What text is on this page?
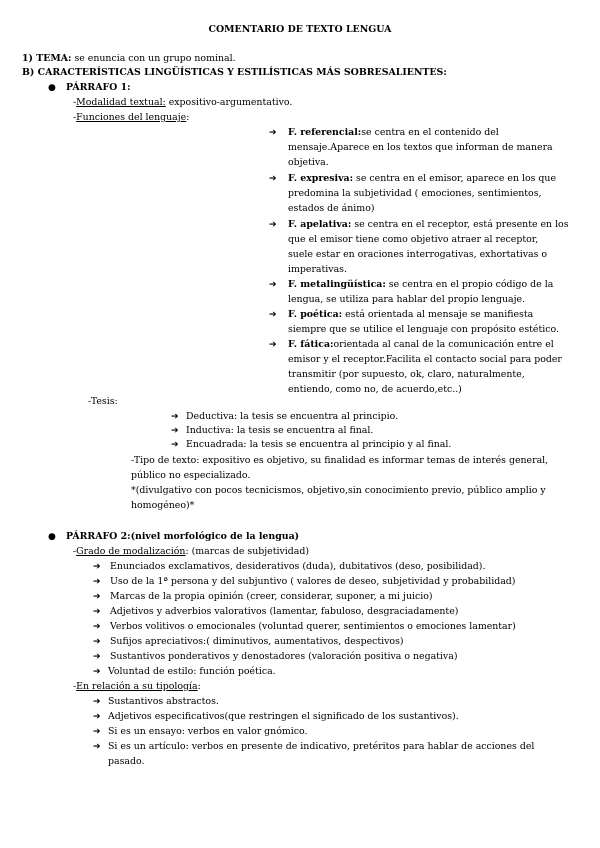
COMENTARIO DE TEXTO LENGUA
1) TEMA: se enuncia con un grupo nominal.
B) CARACTERÍSTICAS LINGÜÍSTICAS Y ESTILÍSTICAS MÁS SOBRESALIENTES:
● PÁRRAFO 1:
-Modalidad textual: expositivo-argumentativo.
-Funciones del lenguaje:
➔ F. referencial:se centra en el contenido del
mensaje.Aparece en los textos que informan de manera
objetiva.
➔ F. expresiva: se centra en el emisor, aparece en los que
predomina la subjetividad ( emociones, sentimientos,
estados de ánimo)
➔ F. apelativa: se centra en el receptor, está presente en los
que el emisor tiene como objetivo atraer al receptor,
suele estar en oraciones interrogativas, exhortativas o
imperativas.
➔ F. metalingüística: se centra en el propio código de la
lengua, se utiliza para hablar del propio lenguaje.
➔ F. poética: está orientada al mensaje se manifiesta
siempre que se utilice el lenguaje con propósito estético.
➔ F. fática:orientada al canal de la comunicación entre el
emisor y el receptor.Facilita el contacto social para poder
transmitir (por supuesto, ok, claro, naturalmente,
entiendo, como no, de acuerdo,etc..)
-Tesis:
➔ Deductiva: la tesis se encuentra al principio.
➔ Inductiva: la tesis se encuentra al final.
➔ Encuadrada: la tesis se encuentra al principio y al final.
-Tipo de texto: expositivo es objetivo, su finalidad es informar temas de interés general,
público no especializado.
*(divulgativo con pocos tecnicismos, objetivo,sin conocimiento previo, público amplio y
homogéneo)*
● PÁRRAFO 2:(nivel morfológico de la lengua)
-Grado de modalización: (marcas de subjetividad)
➔ Enunciados exclamativos, desiderativos (duda), dubitativos (deso, posibilidad).
➔ Uso de la 1ª persona y del subjuntivo ( valores de deseo, subjetividad y probabilidad)
➔ Marcas de la propia opinión (creer, considerar, suponer, a mi juicio)
➔ Adjetivos y adverbios valorativos (lamentar, fabuloso, desgraciadamente)
➔ Verbos volitivos o emocionales (voluntad querer, sentimientos o emociones lamentar)
➔ Sufijos apreciativos:( diminutivos, aumentativos, despectivos)
➔ Sustantivos ponderativos y denostadores (valoración positiva o negativa)
➔ Voluntad de estilo: función poética.
-En relación a su tipología:
➔ Sustantivos abstractos.
➔ Adjetivos especificativos(que restringen el significado de los sustantivos).
➔ Si es un ensayo: verbos en valor gnómico.
➔ Si es un artículo: verbos en presente de indicativo, pretéritos para hablar de acciones del
pasado.
